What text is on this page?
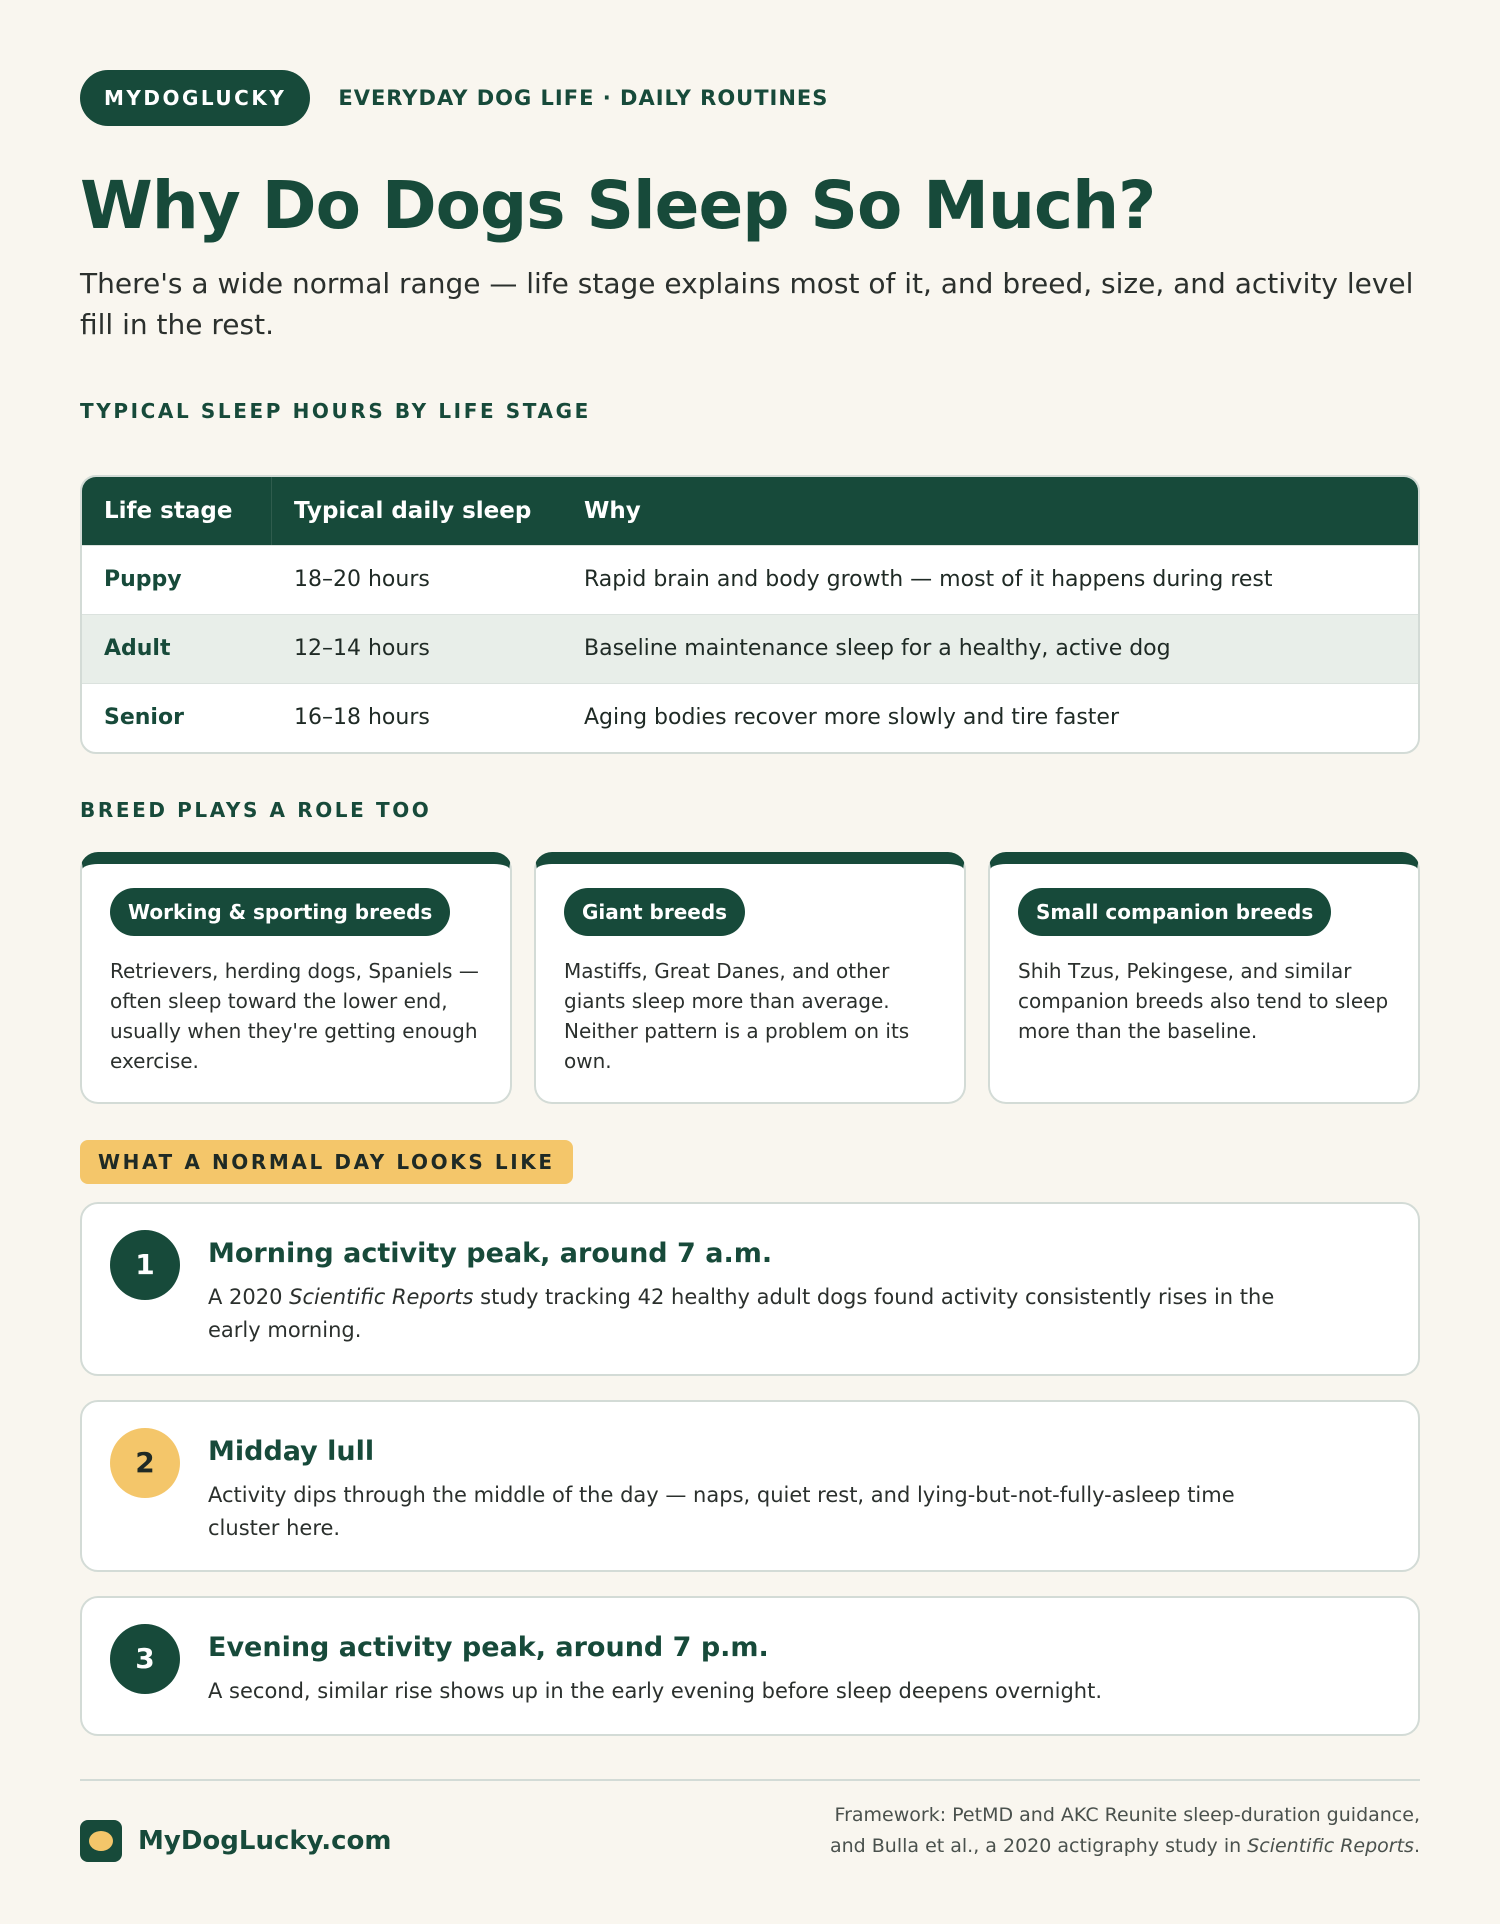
MYDOGLUCKY	EVERYDAY DOG LIFE · DAILY ROUTINES
Why Do Dogs Sleep So Much?

There's a wide normal range — life stage explains most of it, and breed, size, and activity level fill in the rest.

TYPICAL SLEEP HOURS BY LIFE STAGE
Life stage	Typical daily sleep	Why
Puppy	18–20 hours	Rapid brain and body growth — most of it happens during rest
Adult	12–14 hours	Baseline maintenance sleep for a healthy, active dog
Senior	16–18 hours	Aging bodies recover more slowly and tire faster
BREED PLAYS A ROLE TOO
Working & sporting breeds

Retrievers, herding dogs, Spaniels — often sleep toward the lower end, usually when they're getting enough exercise.

Giant breeds

Mastiffs, Great Danes, and other giants sleep more than average. Neither pattern is a problem on its own.

Small companion breeds

Shih Tzus, Pekingese, and similar companion breeds also tend to sleep more than the baseline.

WHAT A NORMAL DAY LOOKS LIKE
1	Morning activity peak, around 7 a.m.

A 2020 Scientific Reports study tracking 42 healthy adult dogs found activity consistently rises in the early morning.

2	Midday lull

Activity dips through the middle of the day — naps, quiet rest, and lying-but-not-fully-asleep time cluster here.

3	Evening activity peak, around 7 p.m.

A second, similar rise shows up in the early evening before sleep deepens overnight.

MyDogLucky.com
Framework: PetMD and AKC Reunite sleep-duration guidance,
and Bulla et al., a 2020 actigraphy study in Scientific Reports.
